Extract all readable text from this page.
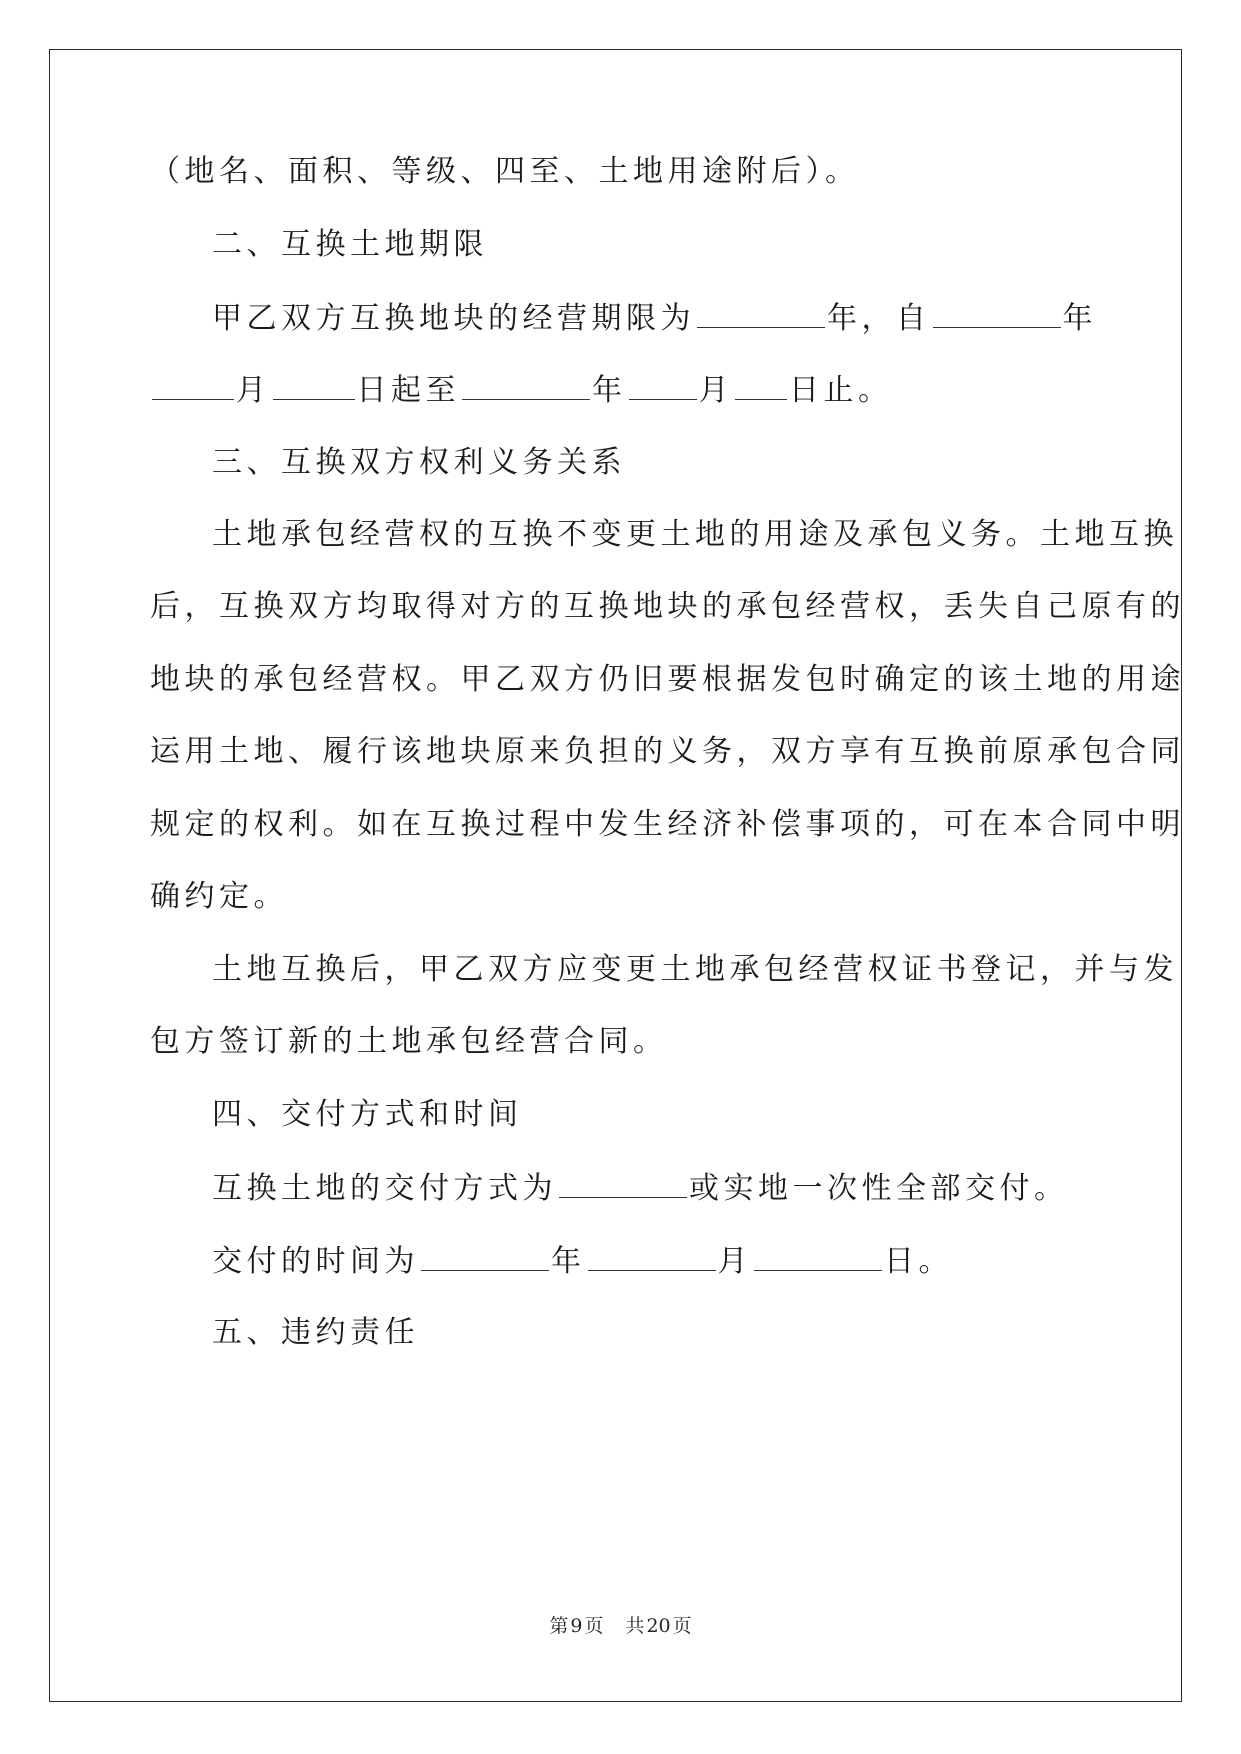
（地名、面积、等级、四至、土地用途附后）。
二、互换土地期限
甲乙双方互换地块的经营期限为	年，自	年
月	日起至	年 月 日止。
三、互换双方权利义务关系
土地承包经营权的互换不变更土地的用途及承包义务。土地互换
后，互换双方均取得对方的互换地块的承包经营权，丢失自己原有的
地块的承包经营权。甲乙双方仍旧要根据发包时确定的该土地的用途
运用土地、履行该地块原来负担的义务，双方享有互换前原承包合同
规定的权利。如在互换过程中发生经济补偿事项的，可在本合同中明
确约定。
土地互换后，甲乙双方应变更土地承包经营权证书登记，并与发
包方签订新的土地承包经营合同。
四、交付方式和时间
互换土地的交付方式为	或实地一次性全部交付。
交付的时间为	年	月	日。
五、违约责任
第 9 页 共 20 页
